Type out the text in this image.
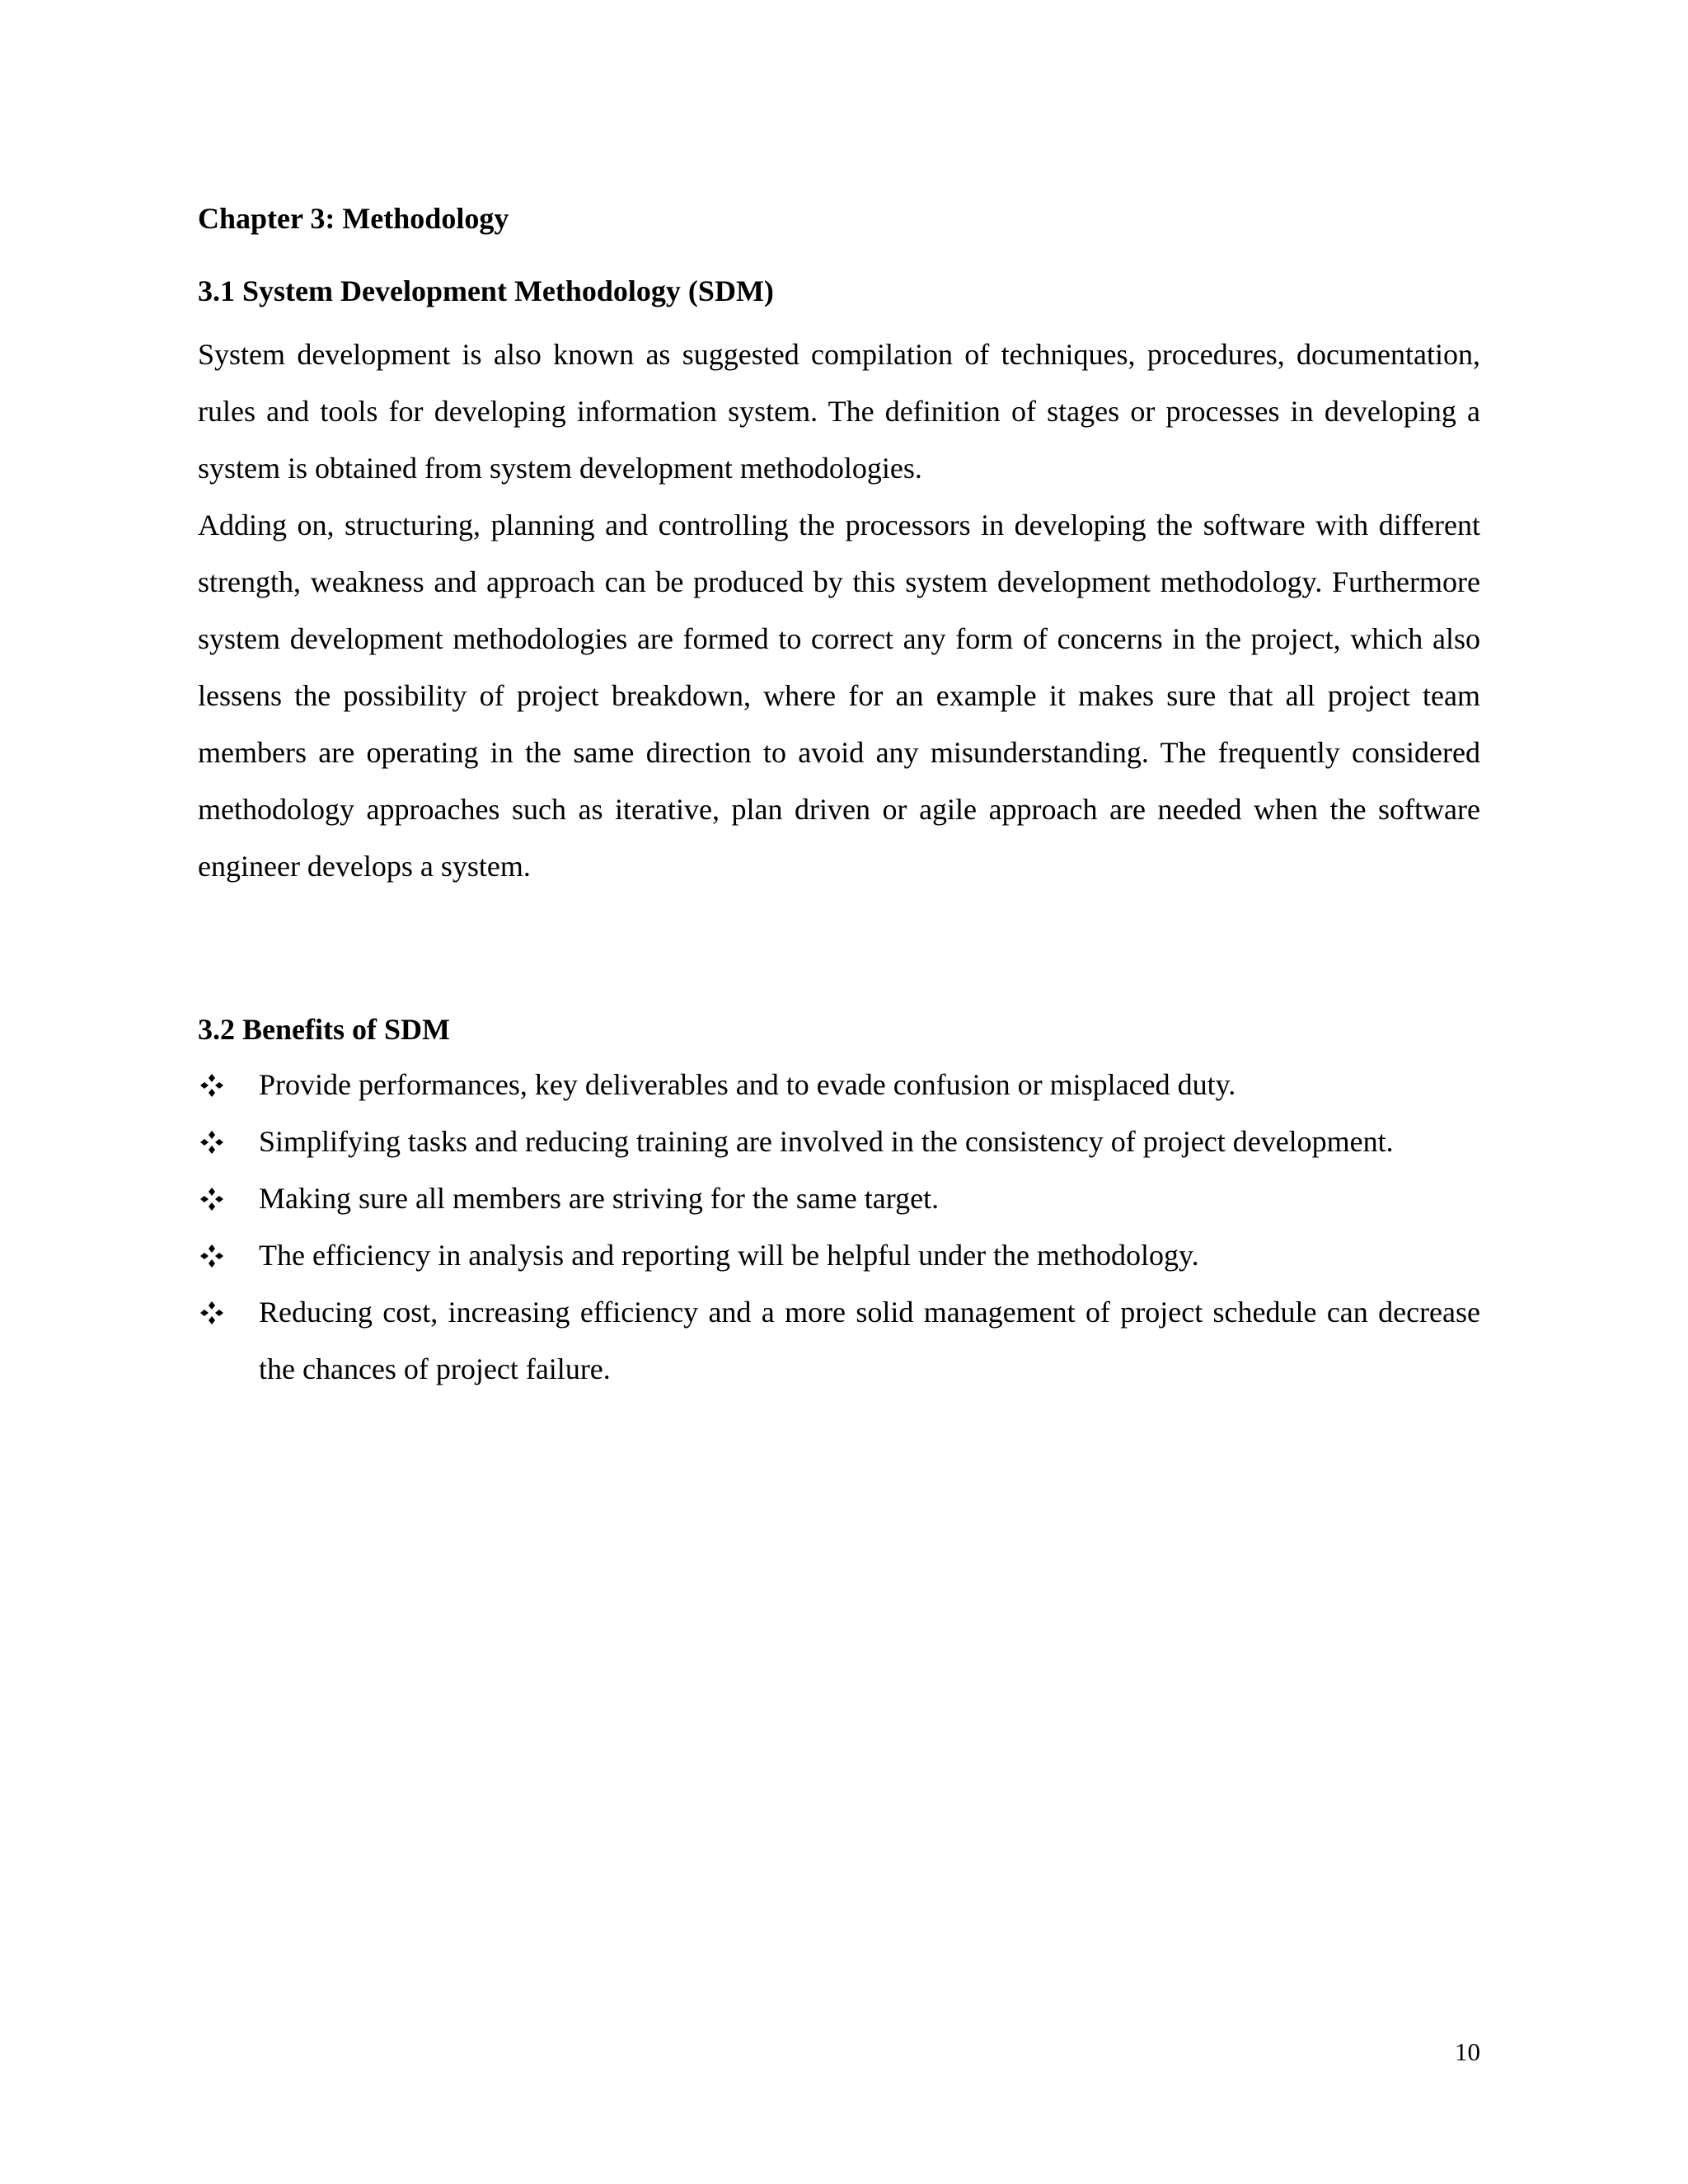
Chapter 3: Methodology
3.1 System Development Methodology (SDM)

System development is also known as suggested compilation of techniques, procedures, documentation, rules and tools for developing information system. The definition of stages or processes in developing a system is obtained from system development methodologies.

Adding on, structuring, planning and controlling the processors in developing the software with different strength, weakness and approach can be produced by this system development methodology. Furthermore system development methodologies are formed to correct any form of concerns in the project, which also lessens the possibility of project breakdown, where for an example it makes sure that all project team members are operating in the same direction to avoid any misunderstanding. The frequently considered methodology approaches such as iterative, plan driven or agile approach are needed when the software engineer develops a system.

3.2 Benefits of SDM
Provide performances, key deliverables and to evade confusion or misplaced duty.
Simplifying tasks and reducing training are involved in the consistency of project development.
Making sure all members are striving for the same target.
The efficiency in analysis and reporting will be helpful under the methodology.
Reducing cost, increasing efficiency and a more solid management of project schedule can decrease the chances of project failure.
10
